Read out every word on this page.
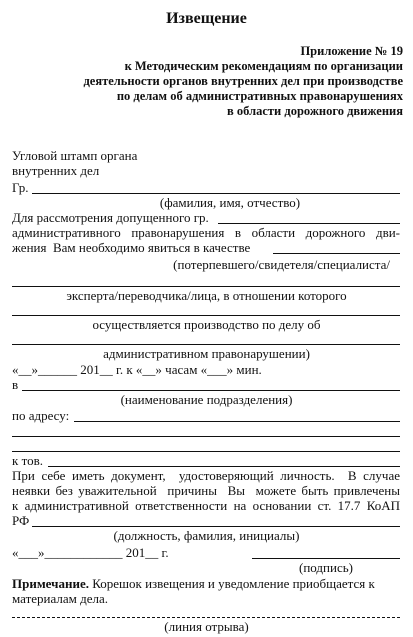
Извещение
Приложение № 19
к Методическим рекомендациям по организации
деятельности органов внутренних дел при производстве
по делам об административных правонарушениях
в области дорожного движения
Угловой штамп органа
внутренних дел
Гр.
(фамилия, имя, отчество)
Для рассмотрения допущенного гр.
административного правонарушения в области дорожного дви-
жения  Вам необходимо явиться в качестве
(потерпевшего/свидетеля/специалиста/
эксперта/переводчика/лица, в отношении которого
осуществляется производство по делу об
административном правонарушении)
«__»______ 201__ г. к «__» часам «___» мин.
в
(наименование подразделения)
по адресу:
к тов.
При себе иметь документ,  удостоверяющий личность.  В случае
неявки без уважительной  причины  Вы  можете быть привлечены
к административной ответственности на основании ст. 17.7 КоАП
РФ
(должность, фамилия, инициалы)
«___»____________ 201__ г.
(подпись)
Примечание. Корешок извещения и уведомление приобщается к
материалам дела.
(линия отрыва)
